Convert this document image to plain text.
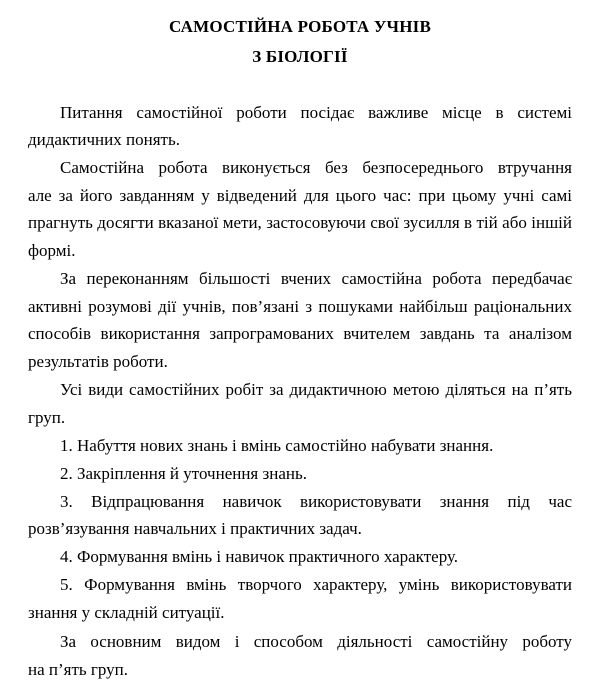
САМОСТІЙНА РОБОТА УЧНІВ
З БІОЛОГІЇ
Питання самостійної роботи посідає важливе місце в системі
дидактичних понять.
Самостійна робота виконується без безпосереднього втручання
але за його завданням у відведений для цього час: при цьому учні самі
прагнуть досягти вказаної мети, застосовуючи свої зусилля в тій або іншій
формі.
За переконанням більшості вчених самостійна робота передбачає
активні розумові дії учнів, пов’язані з пошуками найбільш раціональних
способів використання запрограмованих вчителем завдань та аналізом
результатів роботи.
Усі види самостійних робіт за дидактичною метою діляться на п’ять
груп.
1. Набуття нових знань і вмінь самостійно набувати знання.
2. Закріплення й уточнення знань.
3. Відпрацювання навичок використовувати знання під час
розв’язування навчальних і практичних задач.
4. Формування вмінь і навичок практичного характеру.
5. Формування вмінь творчого характеру, умінь використовувати
знання у складній ситуації.
За основним видом і способом діяльності самостійну роботу
на п’ять груп.
